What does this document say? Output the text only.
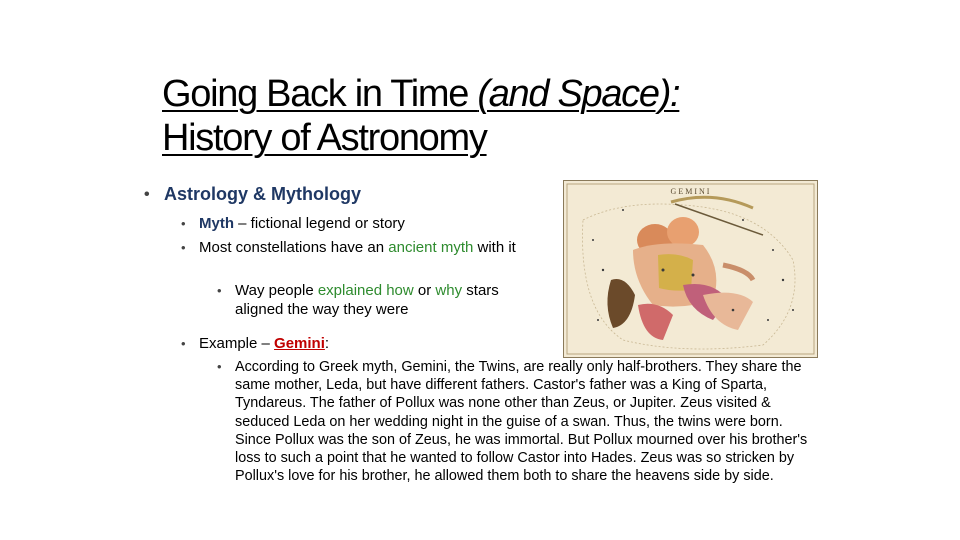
Going Back in Time (and Space):
History of Astronomy
• Astrology & Mythology
• Myth – fictional legend or story
• Most constellations have an ancient myth with it
• Way people explained how or why stars aligned the way they were
• Example – Gemini:
• According to Greek myth, Gemini, the Twins, are really only half-brothers. They share the same mother, Leda, but have different fathers. Castor's father was a King of Sparta, Tyndareus. The father of Pollux was none other than Zeus, or Jupiter. Zeus visited & seduced Leda on her wedding night in the guise of a swan. Thus, the twins were born. Since Pollux was the son of Zeus, he was immortal. But Pollux mourned over his brother's loss to such a point that he wanted to follow Castor into Hades. Zeus was so stricken by Pollux's love for his brother, he allowed them both to share the heavens side by side.
GEMINI
